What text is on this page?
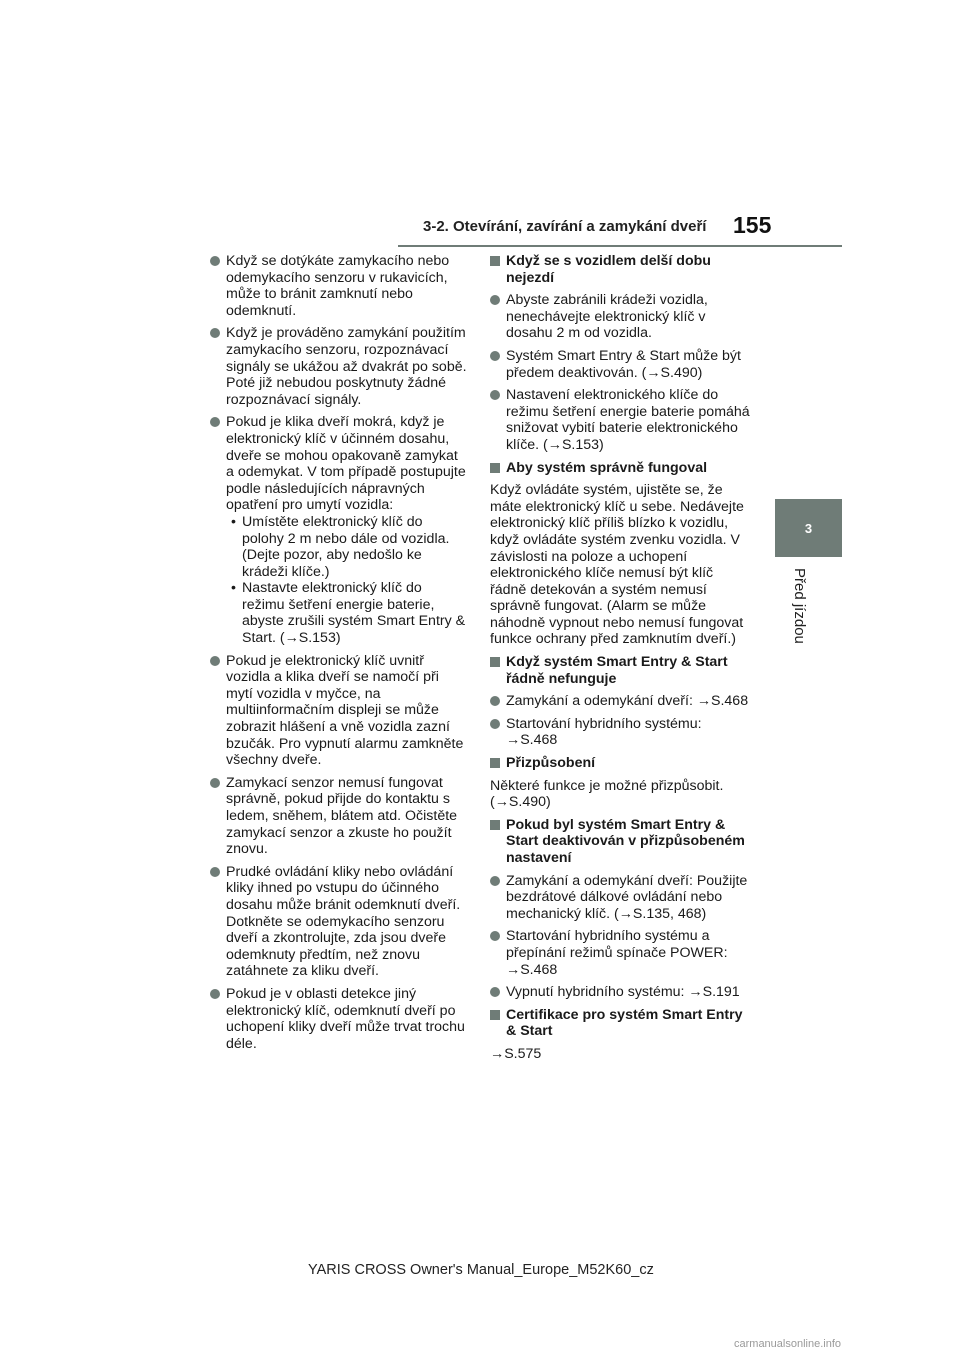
3-2. Otevírání, zavírání a zamykání dveří 155
3
Před jízdou
Když se dotýkáte zamykacího nebo odemykacího senzoru v rukavicích, může to bránit zamknutí nebo odemknutí.
Když je prováděno zamykání použitím zamykacího senzoru, rozpoznávací signály se ukážou až dvakrát po sobě. Poté již nebudou poskytnuty žádné rozpoznávací signály.
Pokud je klika dveří mokrá, když je elektronický klíč v účinném dosahu, dveře se mohou opakovaně zamykat a odemykat. V tom případě postupujte podle následujících nápravných opatření pro umytí vozidla:
• Umístěte elektronický klíč do polohy 2 m nebo dále od vozidla. (Dejte pozor, aby nedošlo ke krádeži klíče.)
• Nastavte elektronický klíč do režimu šetření energie baterie, abyste zrušili systém Smart Entry & Start. (→S.153)
Pokud je elektronický klíč uvnitř vozidla a klika dveří se namočí při mytí vozidla v myčce, na multiinformačním displeji se může zobrazit hlášení a vně vozidla zazní bzučák. Pro vypnutí alarmu zamkněte všechny dveře.
Zamykací senzor nemusí fungovat správně, pokud přijde do kontaktu s ledem, sněhem, blátem atd. Očistěte zamykací senzor a zkuste ho použít znovu.
Prudké ovládání kliky nebo ovládání kliky ihned po vstupu do účinného dosahu může bránit odemknutí dveří. Dotkněte se odemykacího senzoru dveří a zkontrolujte, zda jsou dveře odemknuty předtím, než znovu zatáhnete za kliku dveří.
Pokud je v oblasti detekce jiný elektronický klíč, odemknutí dveří po uchopení kliky dveří může trvat trochu déle.
Když se s vozidlem delší dobu nejezdí
Abyste zabránili krádeži vozidla, nenechávejte elektronický klíč v dosahu 2 m od vozidla.
Systém Smart Entry & Start může být předem deaktivován. (→S.490)
Nastavení elektronického klíče do režimu šetření energie baterie pomáhá snižovat vybití baterie elektronického klíče. (→S.153)
Aby systém správně fungoval
Když ovládáte systém, ujistěte se, že máte elektronický klíč u sebe. Nedávejte elektronický klíč příliš blízko k vozidlu, když ovládáte systém zvenku vozidla. V závislosti na poloze a uchopení elektronického klíče nemusí být klíč řádně detekován a systém nemusí správně fungovat. (Alarm se může náhodně vypnout nebo nemusí fungovat funkce ochrany před zamknutím dveří.)
Když systém Smart Entry & Start řádně nefunguje
Zamykání a odemykání dveří: →S.468
Startování hybridního systému: →S.468
Přizpůsobení
Některé funkce je možné přizpůsobit. (→S.490)
Pokud byl systém Smart Entry & Start deaktivován v přizpůsobeném nastavení
Zamykání a odemykání dveří: Použijte bezdrátové dálkové ovládání nebo mechanický klíč. (→S.135, 468)
Startování hybridního systému a přepínání režimů spínače POWER: →S.468
Vypnutí hybridního systému: →S.191
Certifikace pro systém Smart Entry & Start
→S.575
YARIS CROSS Owner's Manual_Europe_M52K60_cz
carmanualsonline.info
